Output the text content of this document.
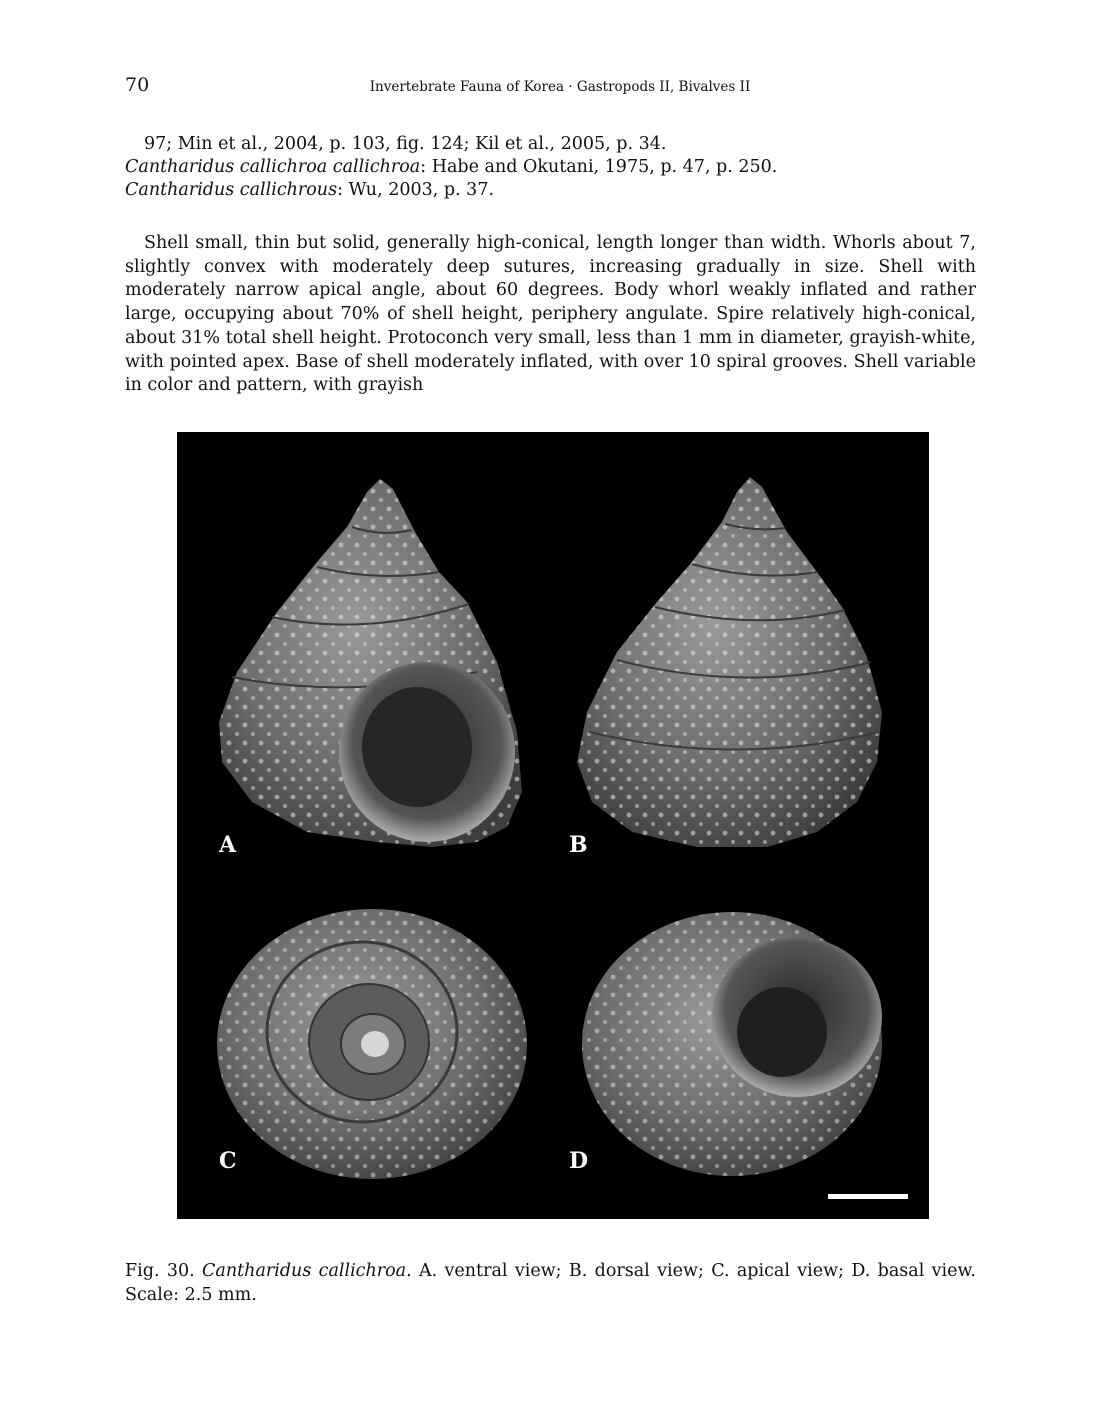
70	Invertebrate Fauna of Korea · Gastropods II, Bivalves II
97; Min et al., 2004, p. 103, fig. 124; Kil et al., 2005, p. 34.
Cantharidus callichroa callichroa: Habe and Okutani, 1975, p. 47, p. 250.
Cantharidus callichrous: Wu, 2003, p. 37.

Shell small, thin but solid, generally high-conical, length longer than width. Whorls about 7, slightly convex with moderately deep sutures, increasing gradually in size. Shell with moderately narrow apical angle, about 60 degrees. Body whorl weakly inflated and rather large, occupying about 70% of shell height, periphery angulate. Spire relatively high-conical, about 31% total shell height. Protoconch very small, less than 1 mm in diameter, grayish-white, with pointed apex. Base of shell moderately inflated, with over 10 spiral grooves. Shell variable in color and pattern, with grayish

A	B
C	D
Fig. 30. Cantharidus callichroa. A. ventral view; B. dorsal view; C. apical view; D. basal view. Scale: 2.5 mm.
